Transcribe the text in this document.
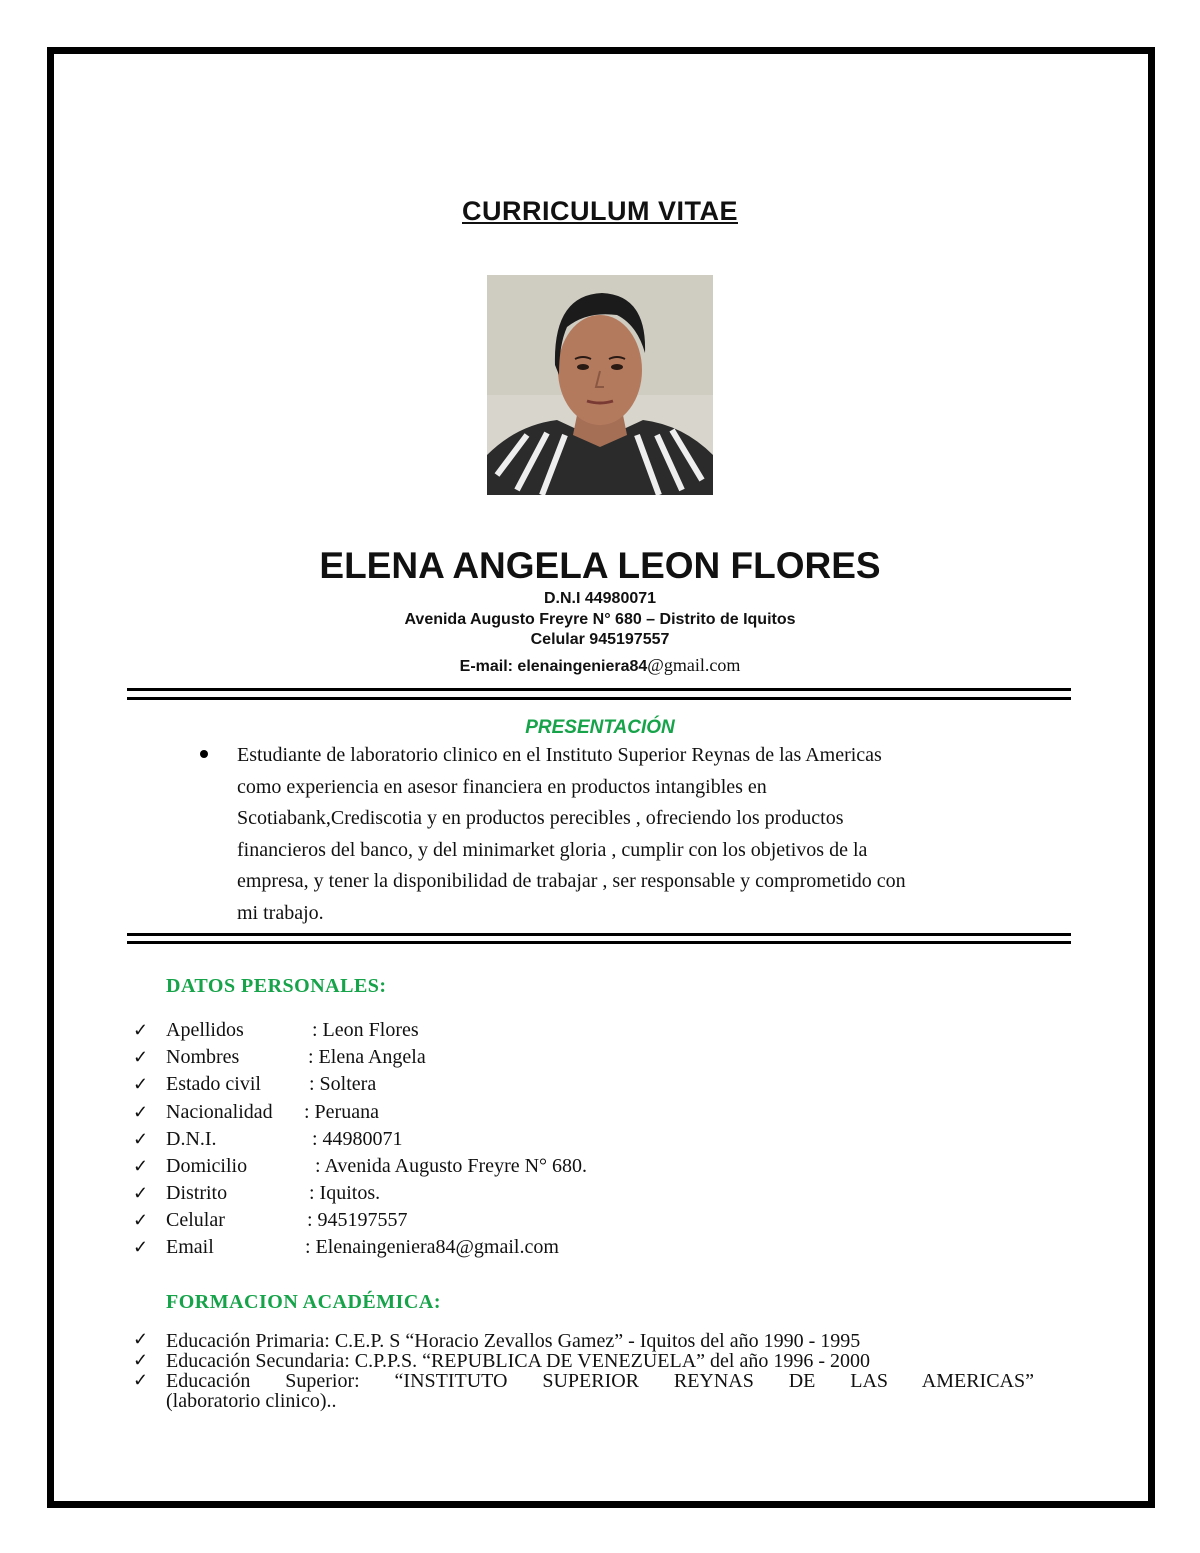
CURRICULUM VITAE
ELENA ANGELA LEON FLORES
D.N.I 44980071
Avenida Augusto Freyre N° 680 – Distrito de Iquitos
Celular 945197557
E-mail: elenaingeniera84@gmail.com
PRESENTACIÓN
Estudiante de laboratorio clinico en el Instituto Superior Reynas de las Americas
como experiencia en asesor financiera en productos intangibles en
Scotiabank,Crediscotia y en productos perecibles , ofreciendo los productos
financieros del banco, y del minimarket gloria , cumplir con los objetivos de la
empresa, y tener la disponibilidad de trabajar , ser responsable y comprometido con
mi trabajo.
DATOS PERSONALES:
✓ Apellidos	: Leon Flores
✓ Nombres	: Elena Angela
✓ Estado civil : Soltera
✓ Nacionalidad : Peruana
✓ D.N.I.	: 44980071
✓ Domicilio	: Avenida Augusto Freyre N° 680.
✓ Distrito	: Iquitos.
✓ Celular	: 945197557
✓ Email	: Elenaingeniera84@gmail.com
FORMACION ACADÉMICA:
✓ Educación Primaria: C.E.P. S “Horacio Zevallos Gamez” - Iquitos del año 1990 - 1995
✓ Educación Secundaria: C.P.P.S. “REPUBLICA DE VENEZUELA” del año 1996 - 2000
✓ Educación Superior: “INSTITUTO SUPERIOR REYNAS DE LAS AMERICAS”
(laboratorio clinico)..
